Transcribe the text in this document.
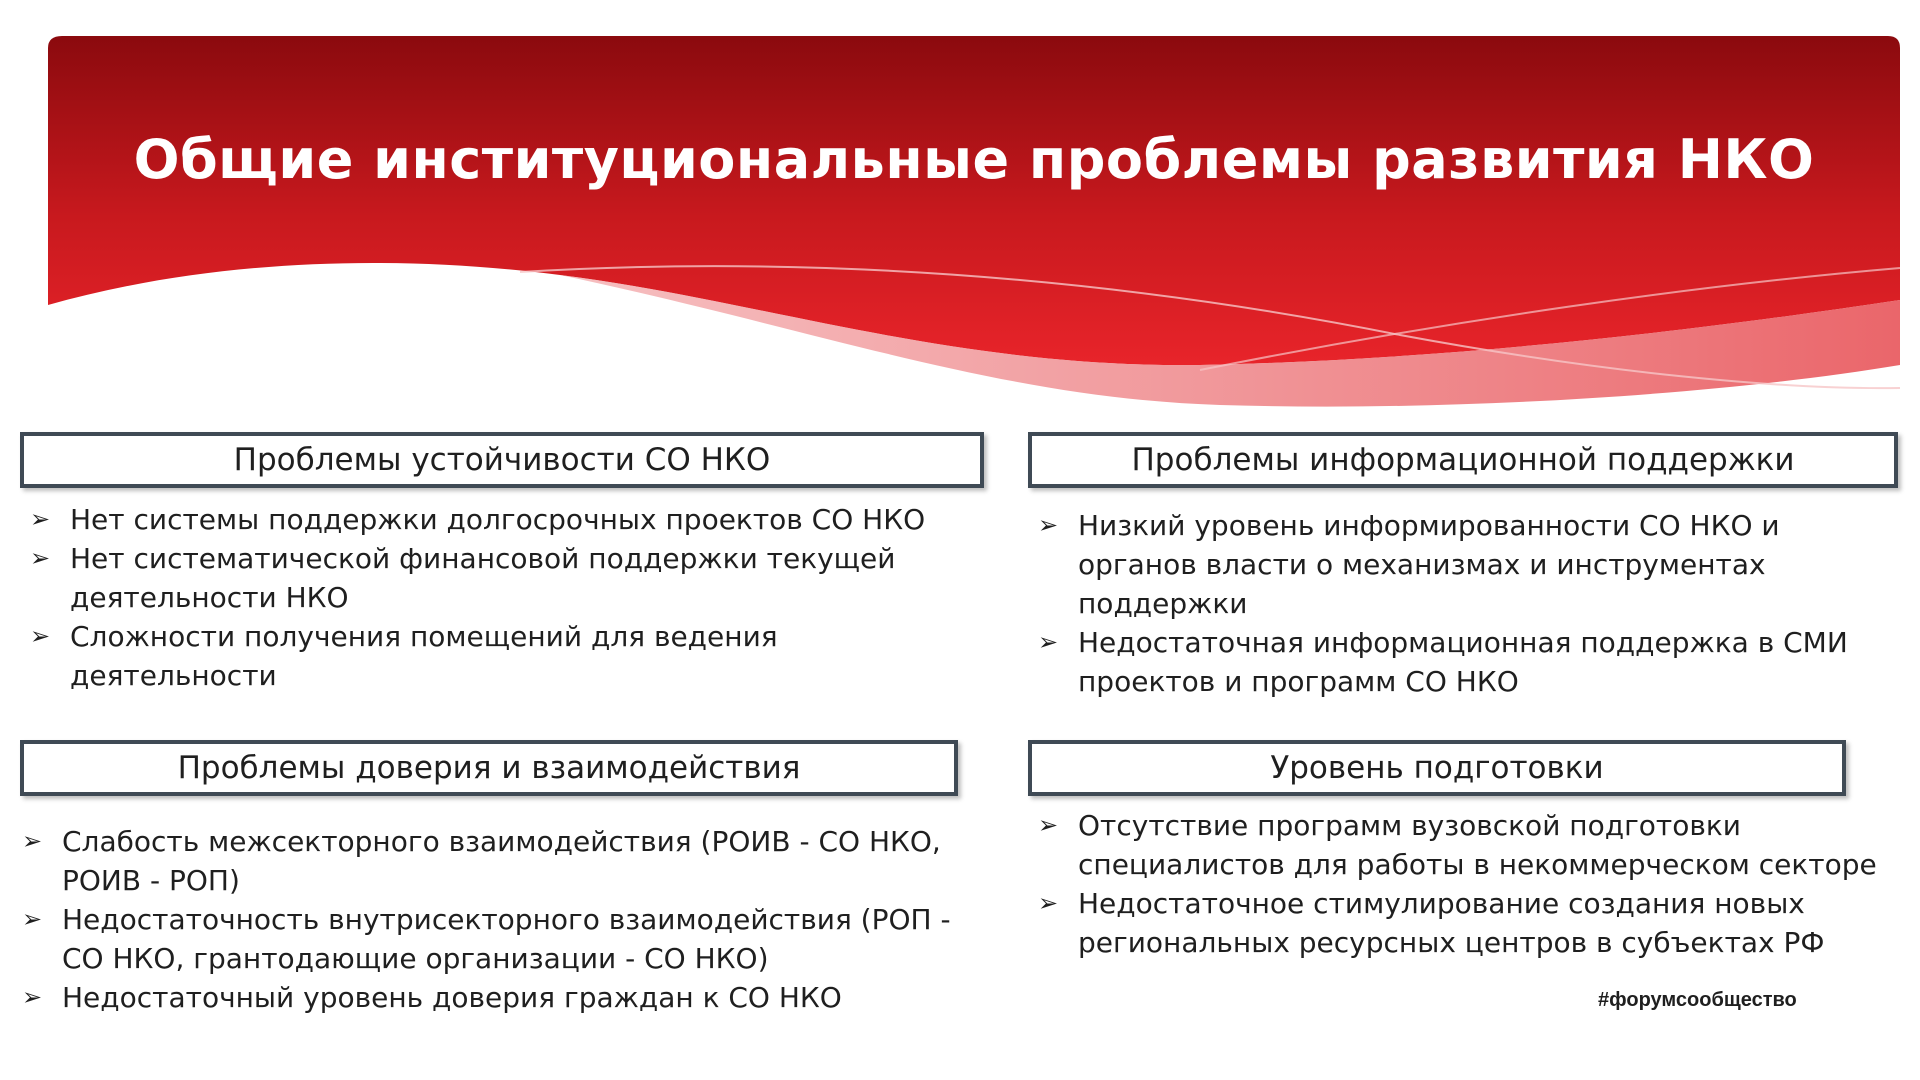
Общие институциональные проблемы развития НКО
Проблемы устойчивости СО НКО
➢ Нет системы поддержки долгосрочных проектов СО НКО
➢ Нет систематической финансовой поддержки текущей деятельности НКО
➢ Сложности получения помещений для ведения деятельности
Проблемы информационной поддержки
➢ Низкий уровень информированности СО НКО и органов власти о механизмах и инструментах поддержки
➢ Недостаточная информационная поддержка в СМИ проектов и программ СО НКО
Проблемы доверия и взаимодействия
➢ Слабость межсекторного взаимодействия (РОИВ - СО НКО, РОИВ - РОП)
➢ Недостаточность внутрисекторного взаимодействия (РОП - СО НКО, грантодающие организации - СО НКО)
➢ Недостаточный уровень доверия граждан к СО НКО
Уровень подготовки
➢ Отсутствие программ вузовской подготовки специалистов для работы в некоммерческом секторе
➢ Недостаточное стимулирование создания новых региональных ресурсных центров в субъектах РФ
#форумсообщество
